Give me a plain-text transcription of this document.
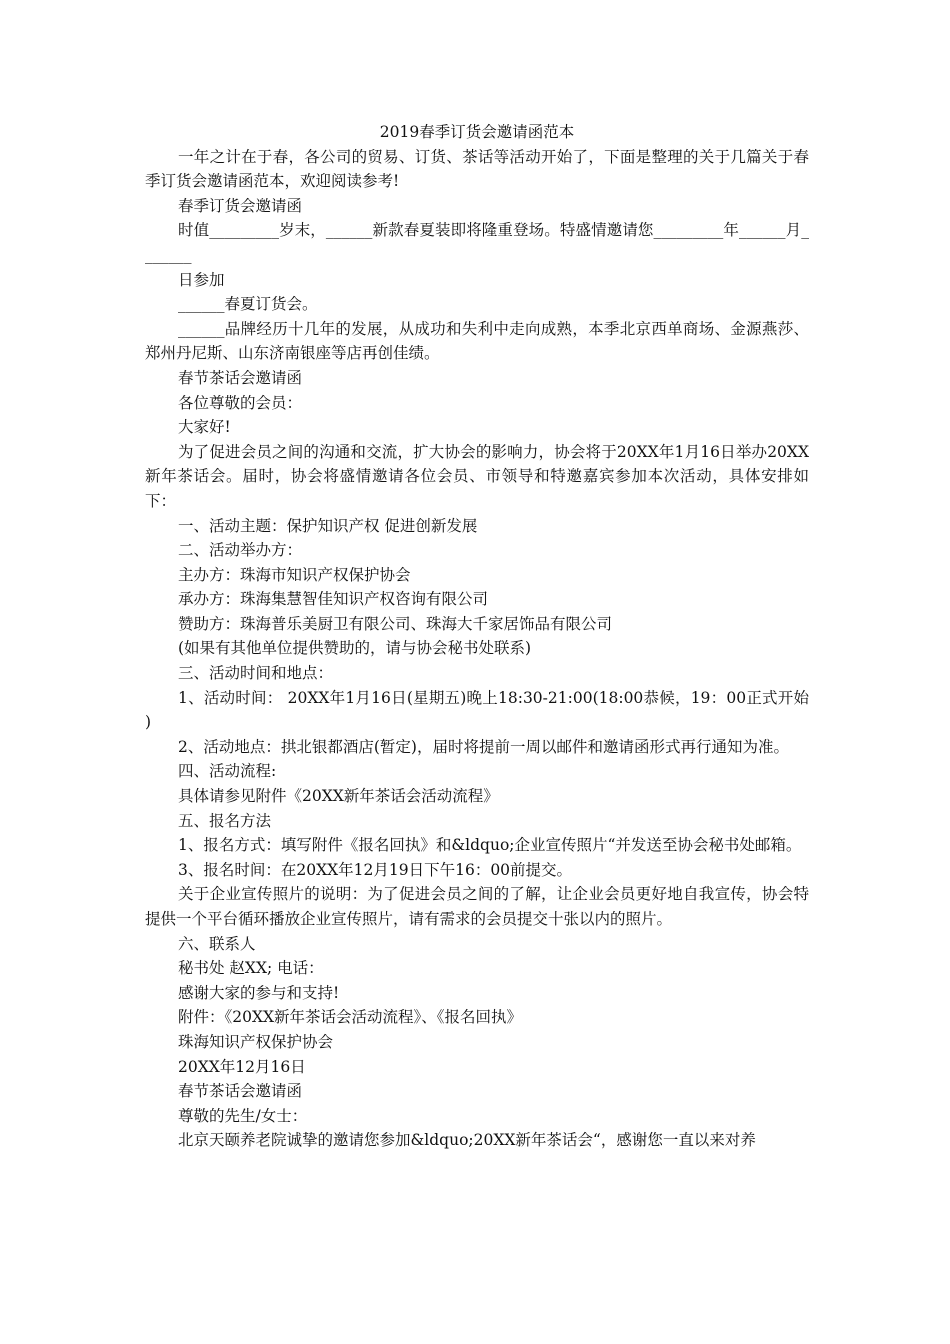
2019春季订货会邀请函范本

一年之计在于春，各公司的贸易、订货、茶话等活动开始了，下面是整理的关于几篇关于春季订货会邀请函范本，欢迎阅读参考!

春季订货会邀请函

时值_________岁末，______新款春夏装即将隆重登场。特盛情邀请您_________年______月_______

日参加

______春夏订货会。

______品牌经历十几年的发展，从成功和失利中走向成熟，本季北京西单商场、金源燕莎、郑州丹尼斯、山东济南银座等店再创佳绩。

春节茶话会邀请函

各位尊敬的会员：

大家好!

为了促进会员之间的沟通和交流，扩大协会的影响力，协会将于20XX年1月16日举办20XX新年茶话会。届时，协会将盛情邀请各位会员、市领导和特邀嘉宾参加本次活动，具体安排如下：

一、活动主题：保护知识产权 促进创新发展

二、活动举办方：

主办方：珠海市知识产权保护协会

承办方：珠海集慧智佳知识产权咨询有限公司

赞助方：珠海普乐美厨卫有限公司、珠海大千家居饰品有限公司

(如果有其他单位提供赞助的，请与协会秘书处联系)

三、活动时间和地点：

1、活动时间： 20XX年1月16日(星期五)晚上18:30-21:00(18:00恭候，19：00正式开始 )

2、活动地点：拱北银都酒店(暂定)，届时将提前一周以邮件和邀请函形式再行通知为准。

四、活动流程:

具体请参见附件《20XX新年茶话会活动流程》

五、报名方法

1、报名方式：填写附件《报名回执》和&ldquo;企业宣传照片“并发送至协会秘书处邮箱。

3、报名时间：在20XX年12月19日下午16：00前提交。

关于企业宣传照片的说明：为了促进会员之间的了解，让企业会员更好地自我宣传，协会特提供一个平台循环播放企业宣传照片，请有需求的会员提交十张以内的照片。

六、联系人

秘书处 赵XX; 电话：

感谢大家的参与和支持!

附件：《20XX新年茶话会活动流程》、《报名回执》

珠海知识产权保护协会

20XX年12月16日

春节茶话会邀请函

尊敬的先生/女士：

北京天颐养老院诚挚的邀请您参加&ldquo;20XX新年茶话会“，感谢您一直以来对养
